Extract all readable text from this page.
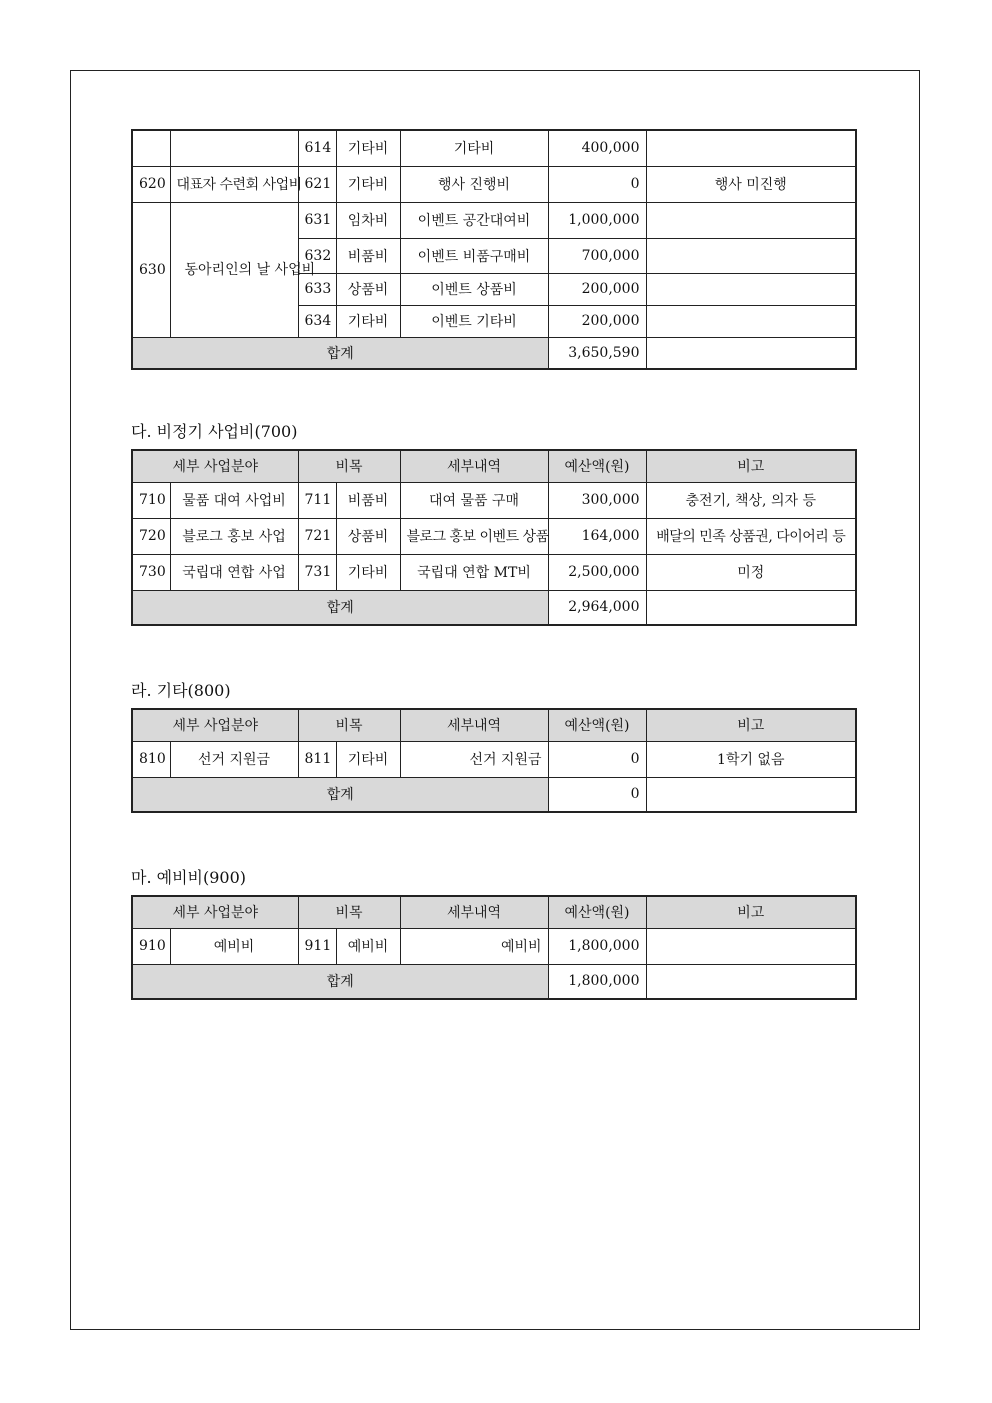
		614	기타비	기타비	400,000	
620	대표자 수련회 사업비	621	기타비	행사 진행비	0	행사 미진행
630	동아리인의 날 사업비	631	임차비	이벤트 공간대여비	1,000,000	
		632	비품비	이벤트 비품구매비	700,000	
		633	상품비	이벤트 상품비	200,000	
		634	기타비	이벤트 기타비	200,000	
합계					3,650,590	

다. 비정기 사업비(700)

세부 사업분야		비목		세부내역	예산액(원)	비고
710	물품 대여 사업비	711	비품비	대여 물품 구매	300,000	충전기, 책상, 의자 등
720	블로그 홍보 사업	721	상품비	블로그 홍보 이벤트 상품	164,000	배달의 민족 상품권, 다이어리 등
730	국립대 연합 사업	731	기타비	국립대 연합 MT비	2,500,000	미정
합계					2,964,000	

라. 기타(800)

세부 사업분야		비목		세부내역	예산액(원)	비고
810	선거 지원금	811	기타비	선거 지원금	0	1학기 없음
합계					0	

마. 예비비(900)

세부 사업분야		비목		세부내역	예산액(원)	비고
910	예비비	911	예비비	예비비	1,800,000	
합계					1,800,000	
